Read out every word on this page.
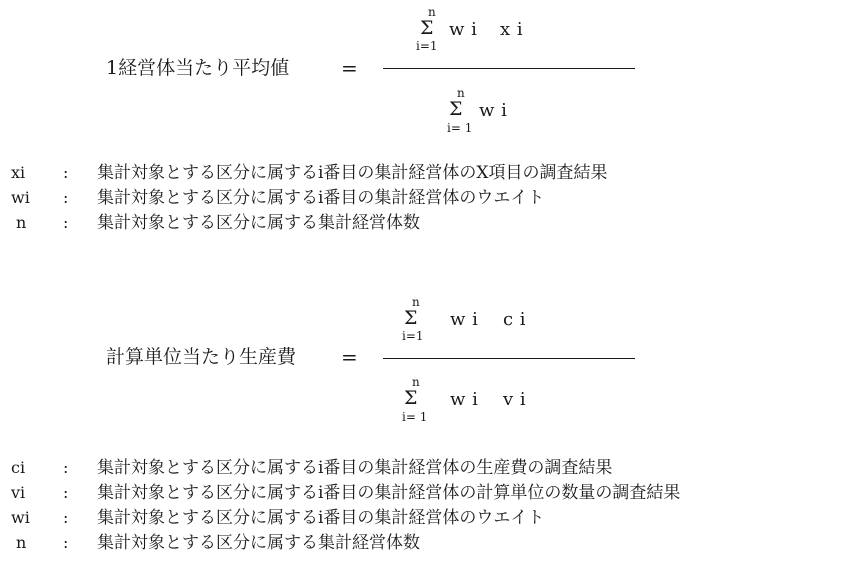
n
Σ
i=1
w i x i
1経営体当たり平均値	=
n
Σ
i= 1
w i
xi : 集計対象とする区分に属するi番目の集計経営体のX項目の調査結果
wi : 集計対象とする区分に属するi番目の集計経営体のウエイト
n : 集計対象とする区分に属する集計経営体数
n
Σ
i=1
w i c i
計算単位当たり生産費 =
n
Σ
i= 1
w i v i
ci : 集計対象とする区分に属するi番目の集計経営体の生産費の調査結果
vi : 集計対象とする区分に属するi番目の集計経営体の計算単位の数量の調査結果
wi : 集計対象とする区分に属するi番目の集計経営体のウエイト
n : 集計対象とする区分に属する集計経営体数
